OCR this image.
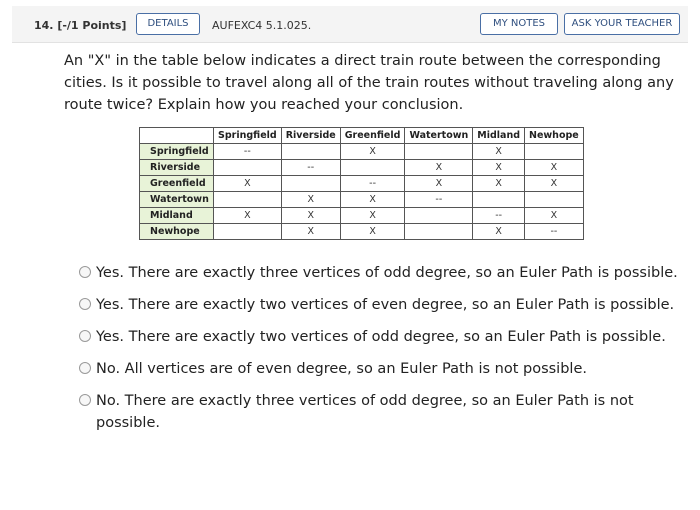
14. [-/1 Points]	DETAILS	AUFEXC4 5.1.025.	MY NOTES	ASK YOUR TEACHER
An "X" in the table below indicates a direct train route between the corresponding cities. Is it possible to travel along all of the train routes without traveling along any route twice? Explain how you reached your conclusion.
	Springfield	Riverside	Greenfield	Watertown	Midland	Newhope
Springfield	--		X		X	
Riverside		--		X	X	X
Greenfield	X		--	X	X	X
Watertown		X	X	--		
Midland	X	X	X		--	X
Newhope		X	X		X	--
Yes. There are exactly three vertices of odd degree, so an Euler Path is possible.
Yes. There are exactly two vertices of even degree, so an Euler Path is possible.
Yes. There are exactly two vertices of odd degree, so an Euler Path is possible.
No. All vertices are of even degree, so an Euler Path is not possible.
No. There are exactly three vertices of odd degree, so an Euler Path is not possible.
